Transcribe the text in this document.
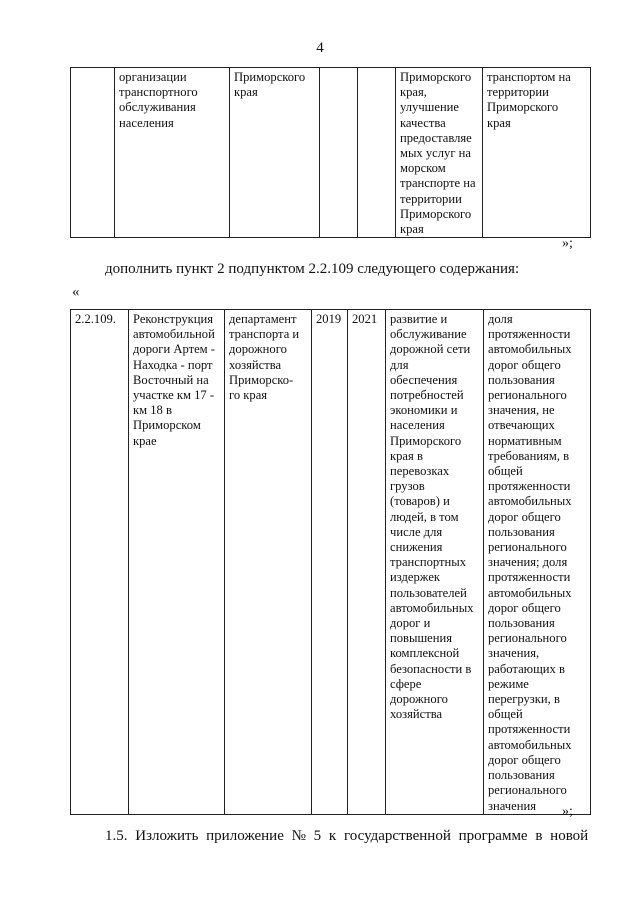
4
	организации
транспортного
обслуживания
населения	Приморского
края			Приморского
края,
улучшение
качества
предоставляе
мых услуг на
морском
транспорте на
территории
Приморского
края	транспортом на
территории
Приморского
края
»;
дополнить пункт 2 подпунктом 2.2.109 следующего содержания:
«
2.2.109.	Реконструкция
автомобильной
дороги Артем -
Находка - порт
Восточный на
участке км 17 -
км 18 в
Приморском
крае	департамент
транспорта и
дорожного
хозяйства
Приморско-
го края	2019	2021	развитие и
обслуживание
дорожной сети
для
обеспечения
потребностей
экономики и
населения
Приморского
края в
перевозках
грузов
(товаров) и
людей, в том
числе для
снижения
транспортных
издержек
пользователей
автомобильных
дорог и
повышения
комплексной
безопасности в
сфере
дорожного
хозяйства	доля
протяженности
автомобильных
дорог общего
пользования
регионального
значения, не
отвечающих
нормативным
требованиям, в
общей
протяженности
автомобильных
дорог общего
пользования
регионального
значения; доля
протяженности
автомобильных
дорог общего
пользования
регионального
значения,
работающих в
режиме
перегрузки, в
общей
протяженности
автомобильных
дорог общего
пользования
регионального
значения »;
1.5. Изложить приложение № 5 к государственной программе в новой
